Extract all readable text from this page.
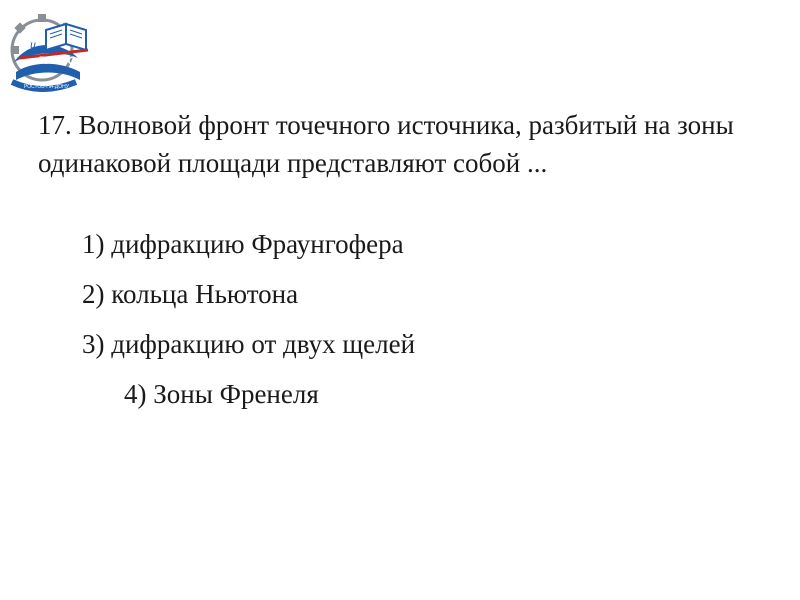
u
РГУПС
РОСТОВ-НА-ДОНУ

17. Волновой фронт точечного источника, разбитый на зоны одинаковой площади представляют собой ...

1) дифракцию Фраунгофера
2) кольца Ньютона
3) дифракцию от двух щелей
4) Зоны Френеля
